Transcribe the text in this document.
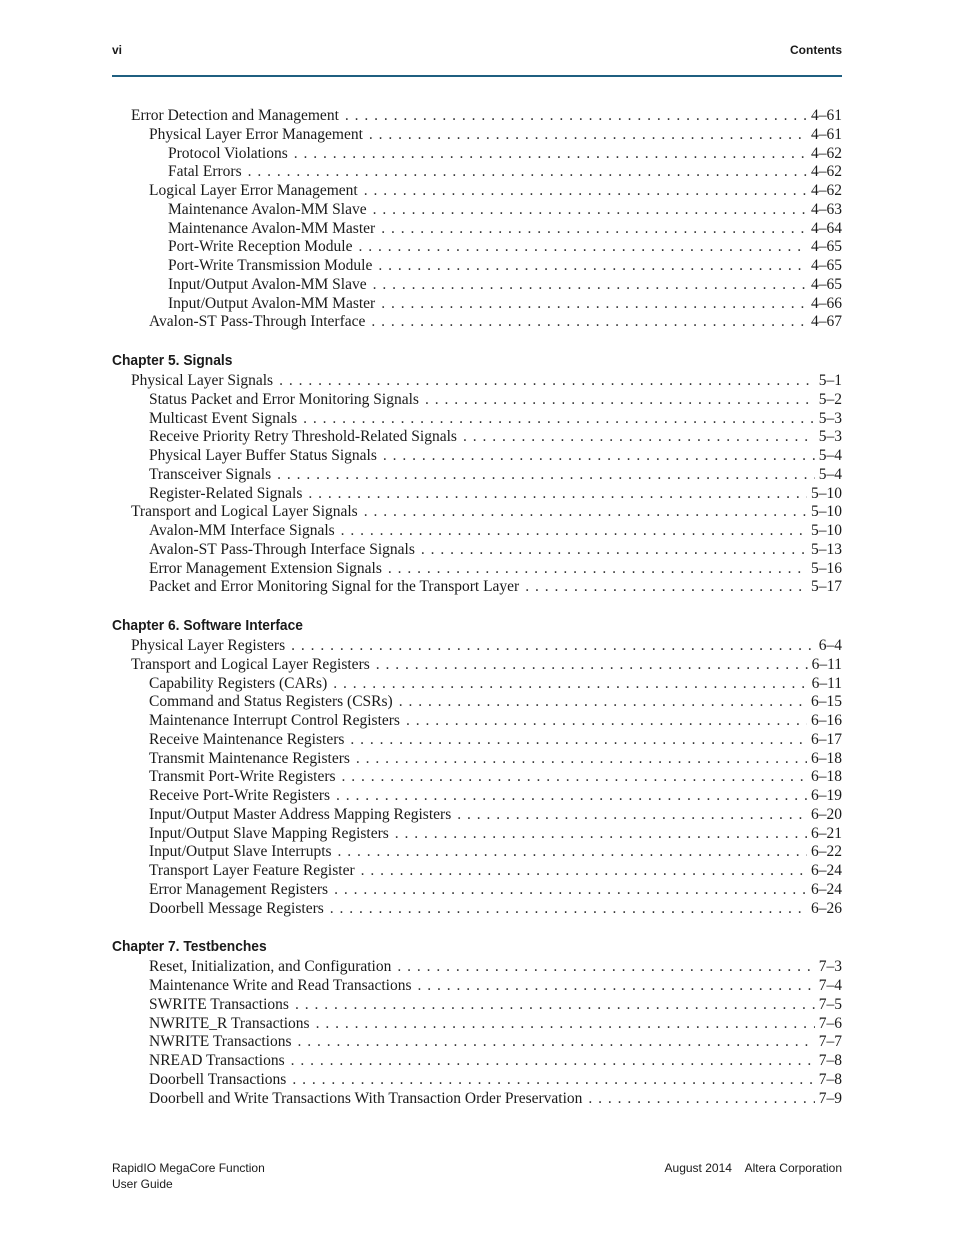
vi	Contents
Error Detection and Management . . .	4–61
Physical Layer Error Management . . .	4–61
Protocol Violations . . .	4–62
Fatal Errors . . .	4–62
Logical Layer Error Management . . .	4–62
Maintenance Avalon-MM Slave . . .	4–63
Maintenance Avalon-MM Master . . .	4–64
Port-Write Reception Module . . .	4–65
Port-Write Transmission Module . . .	4–65
Input/Output Avalon-MM Slave . . .	4–65
Input/Output Avalon-MM Master . . .	4–66
Avalon-ST Pass-Through Interface . . .	4–67
Chapter 5. Signals
Physical Layer Signals . . .	5–1
Status Packet and Error Monitoring Signals . . .	5–2
Multicast Event Signals . . .	5–3
Receive Priority Retry Threshold-Related Signals . . .	5–3
Physical Layer Buffer Status Signals . . .	5–4
Transceiver Signals . . .	5–4
Register-Related Signals . . .	5–10
Transport and Logical Layer Signals . . .	5–10
Avalon-MM Interface Signals . . .	5–10
Avalon-ST Pass-Through Interface Signals . . .	5–13
Error Management Extension Signals . . .	5–16
Packet and Error Monitoring Signal for the Transport Layer . . .	5–17
Chapter 6. Software Interface
Physical Layer Registers . . .	6–4
Transport and Logical Layer Registers . . .	6–11
Capability Registers (CARs) . . .	6–11
Command and Status Registers (CSRs) . . .	6–15
Maintenance Interrupt Control Registers . . .	6–16
Receive Maintenance Registers . . .	6–17
Transmit Maintenance Registers . . .	6–18
Transmit Port-Write Registers . . .	6–18
Receive Port-Write Registers . . .	6–19
Input/Output Master Address Mapping Registers . . .	6–20
Input/Output Slave Mapping Registers . . .	6–21
Input/Output Slave Interrupts . . .	6–22
Transport Layer Feature Register . . .	6–24
Error Management Registers . . .	6–24
Doorbell Message Registers . . .	6–26
Chapter 7. Testbenches
Reset, Initialization, and Configuration . . .	7–3
Maintenance Write and Read Transactions . . .	7–4
SWRITE Transactions . . .	7–5
NWRITE_R Transactions . . .	7–6
NWRITE Transactions . . .	7–7
NREAD Transactions . . .	7–8
Doorbell Transactions . . .	7–8
Doorbell and Write Transactions With Transaction Order Preservation . . .	7–9
RapidIO MegaCore Function
User Guide
August 2014 Altera Corporation
